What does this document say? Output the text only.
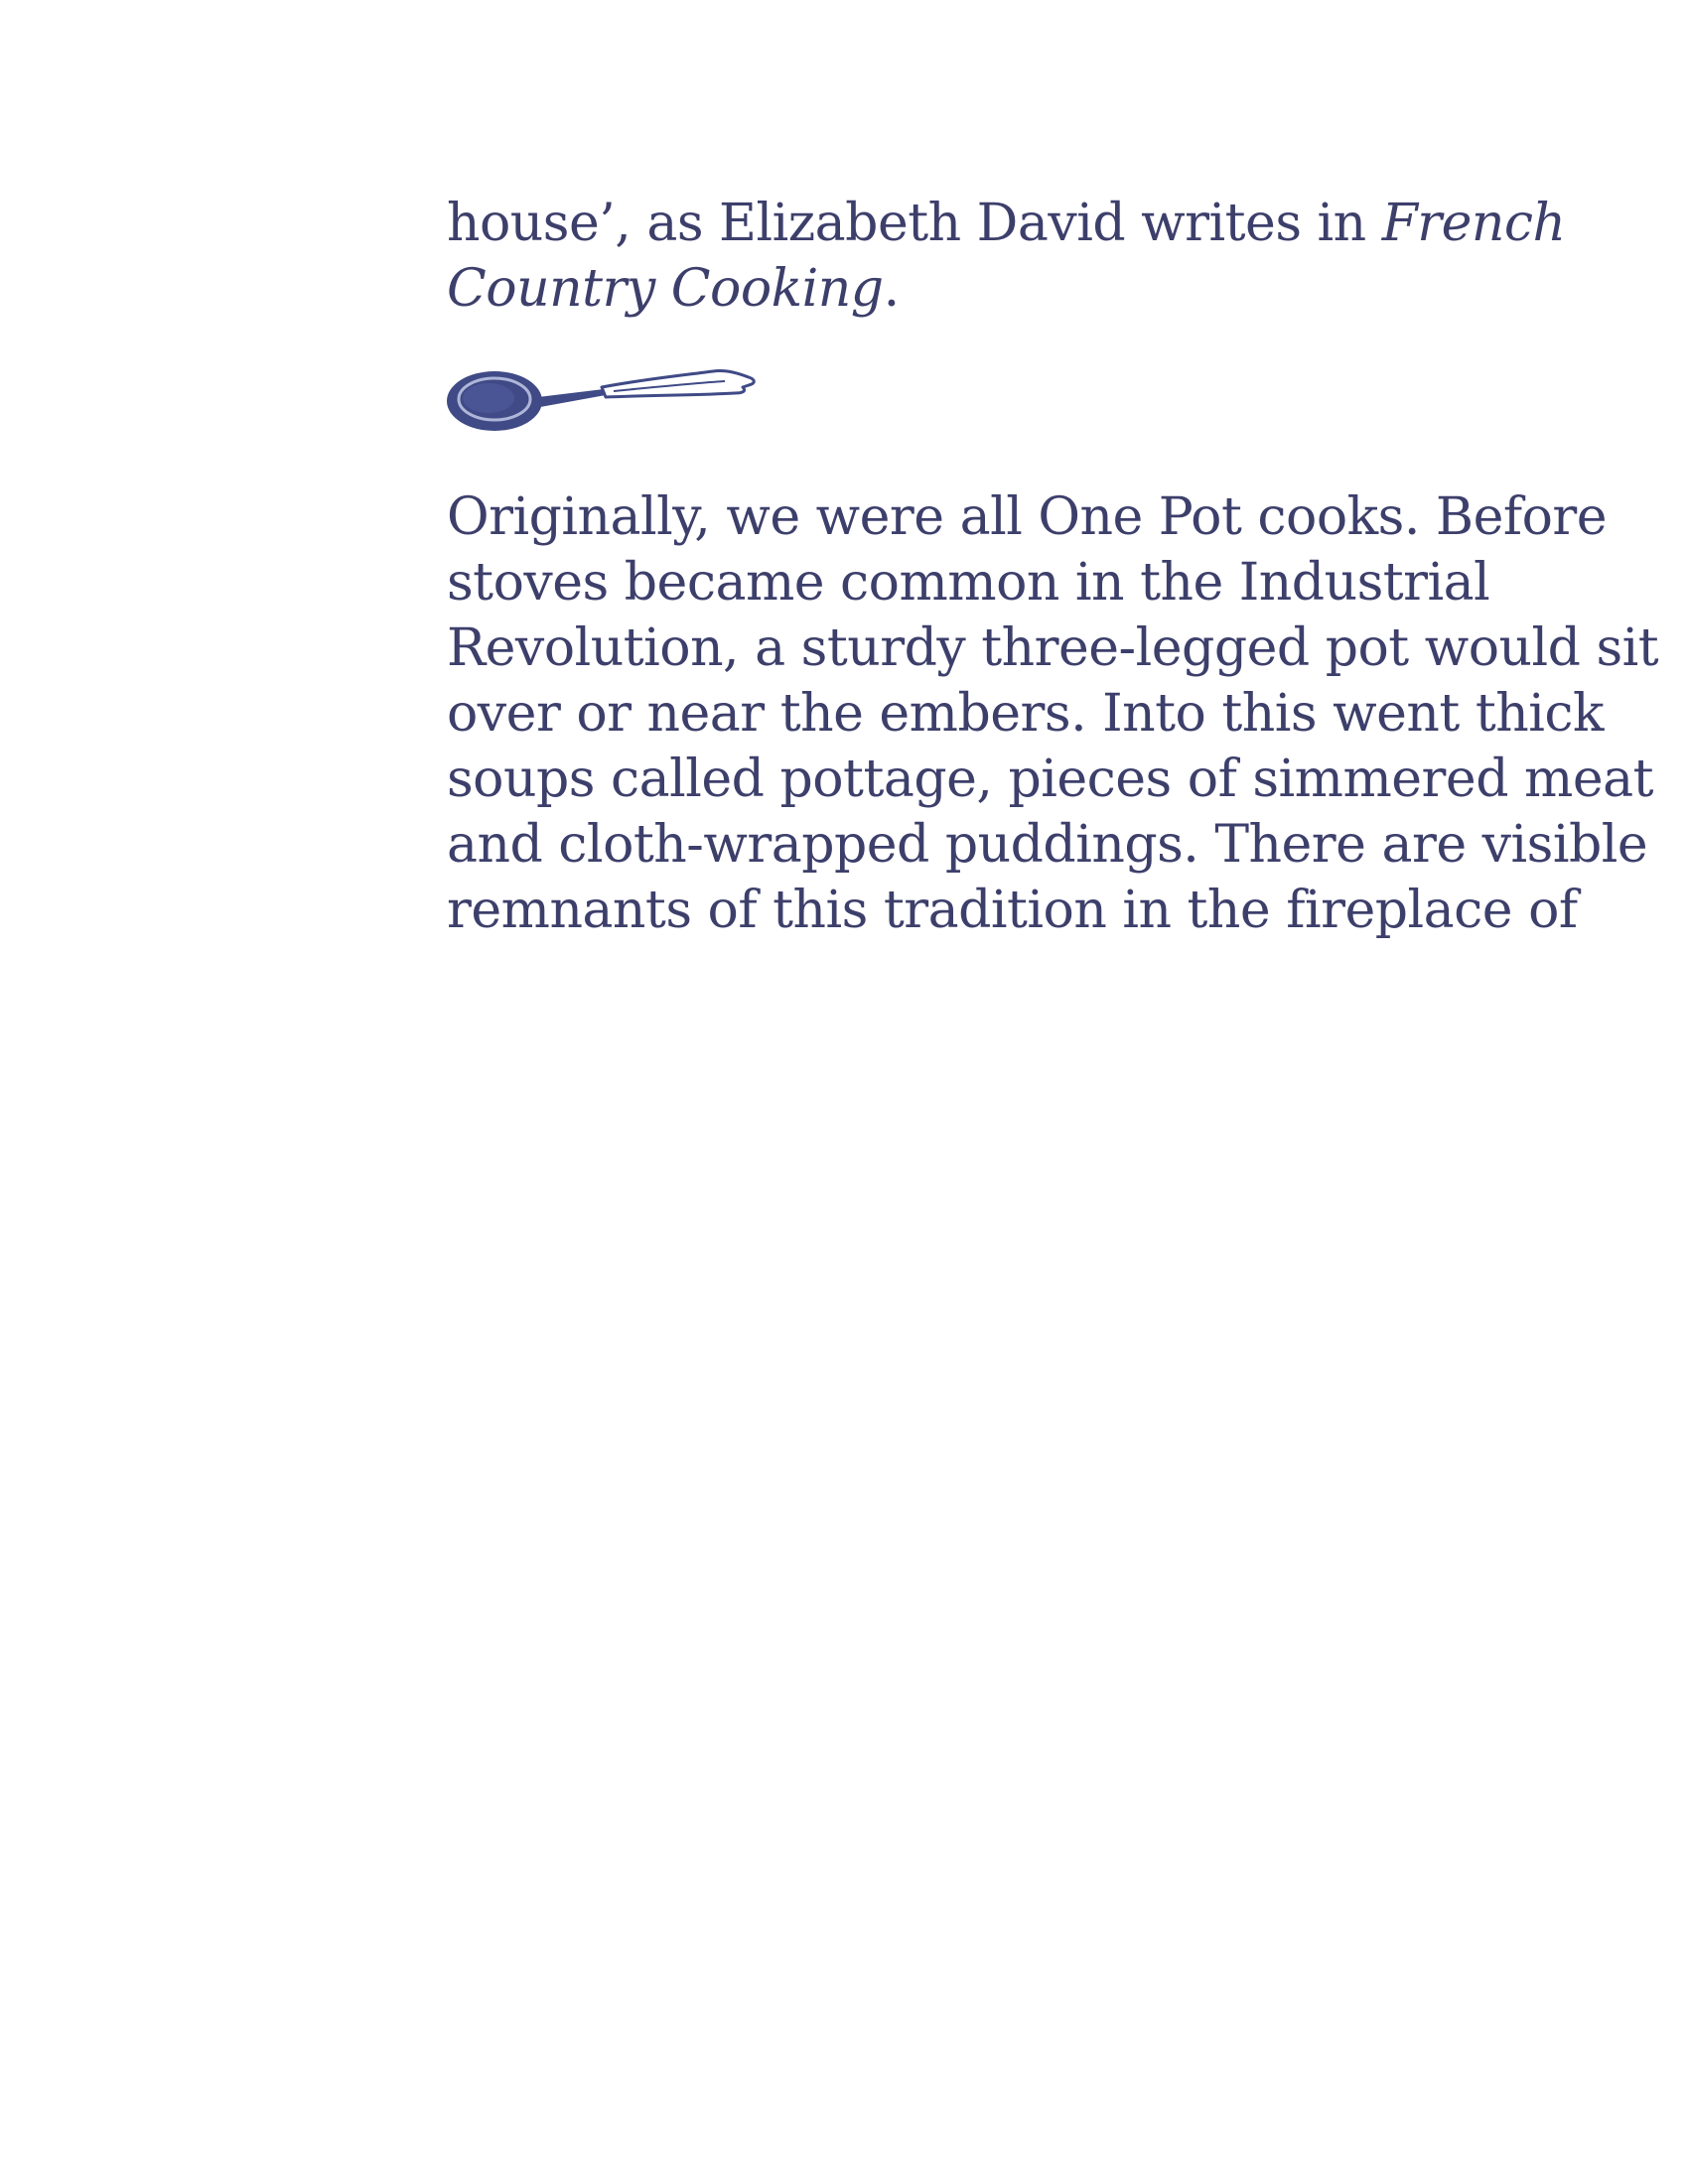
house’, as Elizabeth David writes in French
Country Cooking.
Originally, we were all One Pot cooks. Before
stoves became common in the Industrial
Revolution, a sturdy three-legged pot would sit
over or near the embers. Into this went thick
soups called pottage, pieces of simmered meat
and cloth-wrapped puddings. There are visible
remnants of this tradition in the fireplace of
